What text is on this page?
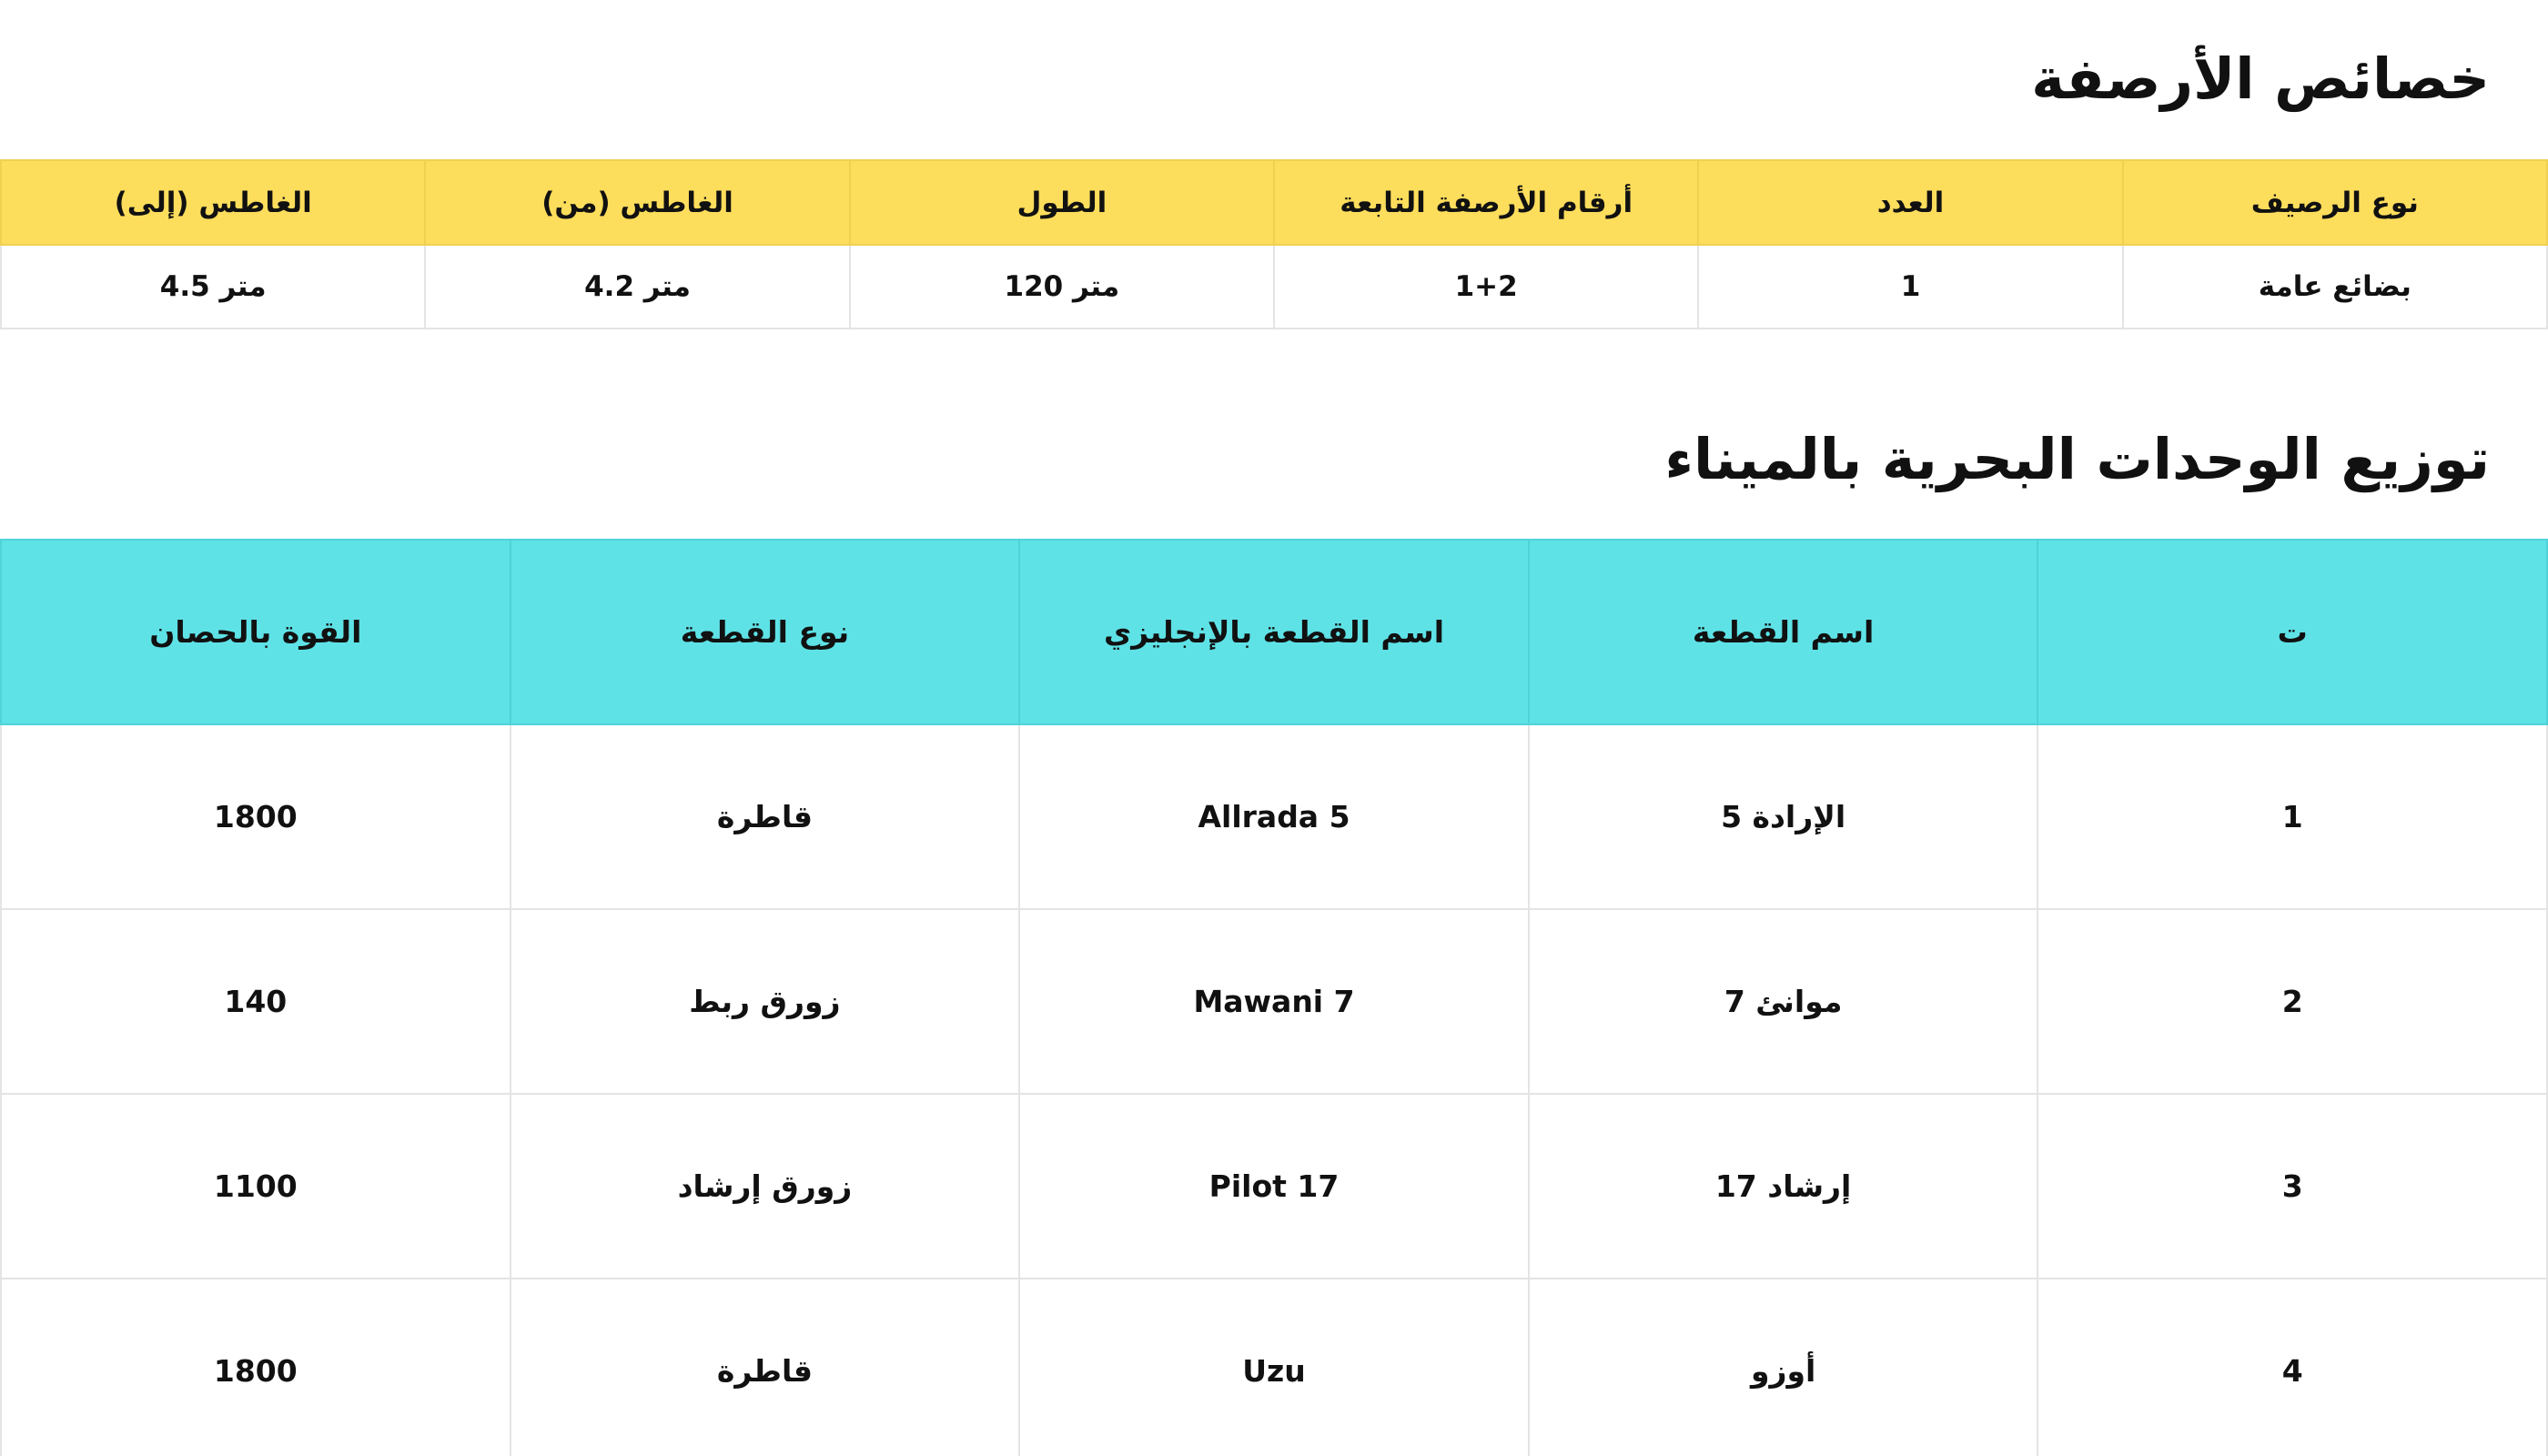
خصائص الأرصفة
نوع الرصيف	العدد	أرقام الأرصفة التابعة	الطول	الغاطس (من)	الغاطس (إلى)
بضائع عامة	1	1+2	متر 120	متر 4.2	متر 4.5
توزيع الوحدات البحرية بالميناء
ت	اسم القطعة	اسم القطعة بالإنجليزي	نوع القطعة	القوة بالحصان
1	الإرادة 5	Allrada 5	قاطرة	1800
2	موانئ 7	Mawani 7	زورق ربط	140
3	إرشاد 17	Pilot 17	زورق إرشاد	1100
4	أوزو	Uzu	قاطرة	1800
